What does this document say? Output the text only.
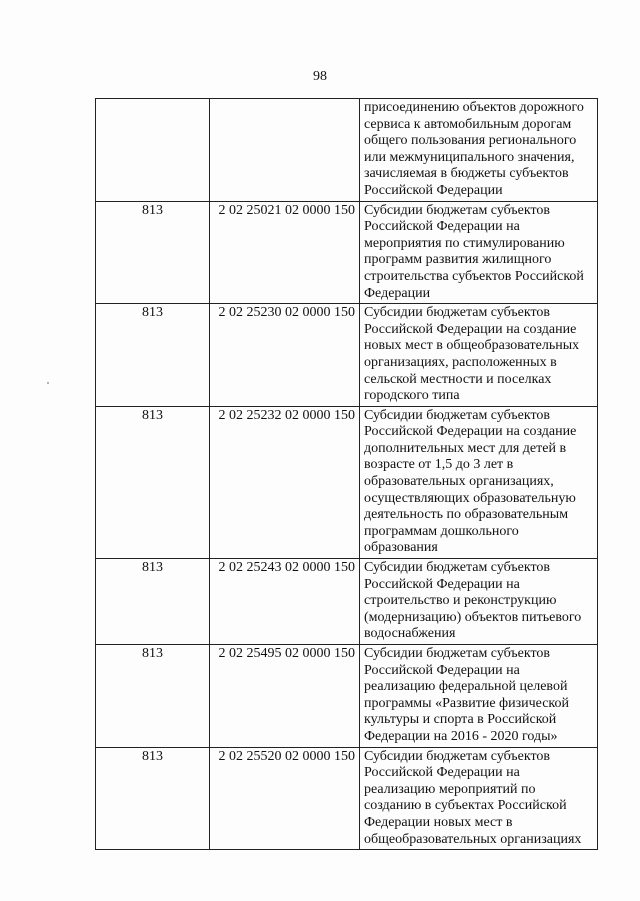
98
		присоединению объектов дорожного сервиса к автомобильным дорогам общего пользования регионального или межмуниципального значения, зачисляемая в бюджеты субъектов Российской Федерации
813	2 02 25021 02 0000 150	Субсидии бюджетам субъектов Российской Федерации на мероприятия по стимулированию программ развития жилищного строительства субъектов Российской Федерации
813	2 02 25230 02 0000 150	Субсидии бюджетам субъектов Российской Федерации на создание новых мест в общеобразовательных организациях, расположенных в сельской местности и поселках городского типа
813	2 02 25232 02 0000 150	Субсидии бюджетам субъектов Российской Федерации на создание дополнительных мест для детей в возрасте от 1,5 до 3 лет в образовательных организациях, осуществляющих образовательную деятельность по образовательным программам дошкольного образования
813	2 02 25243 02 0000 150	Субсидии бюджетам субъектов Российской Федерации на строительство и реконструкцию (модернизацию) объектов питьевого водоснабжения
813	2 02 25495 02 0000 150	Субсидии бюджетам субъектов Российской Федерации на реализацию федеральной целевой программы «Развитие физической культуры и спорта в Российской Федерации на 2016 - 2020 годы»
813	2 02 25520 02 0000 150	Субсидии бюджетам субъектов Российской Федерации на реализацию мероприятий по созданию в субъектах Российской Федерации новых мест в общеобразовательных организациях
